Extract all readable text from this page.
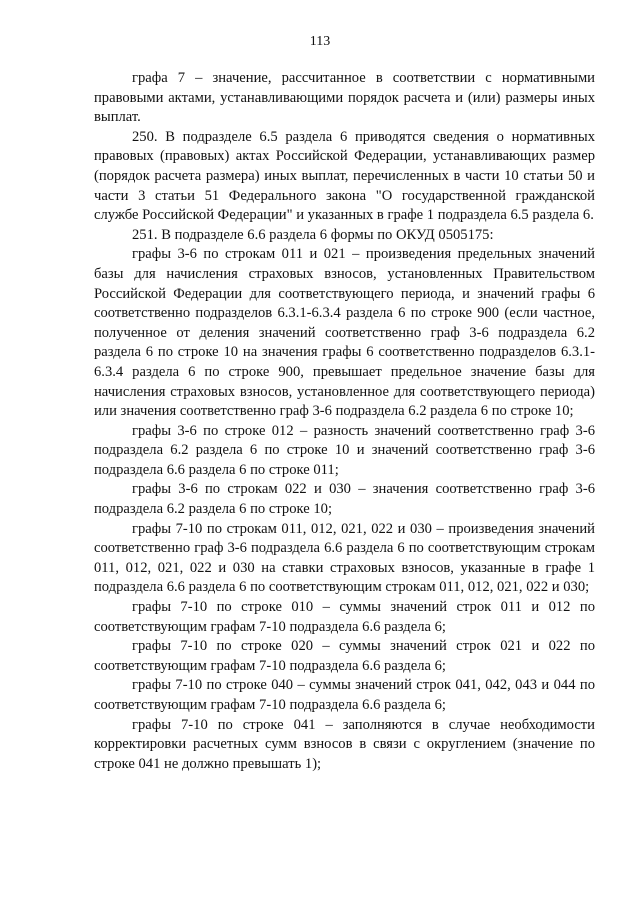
113

графа 7 – значение, рассчитанное в соответствии с нормативными правовыми актами, устанавливающими порядок расчета и (или) размеры иных выплат.

250. В подразделе 6.5 раздела 6 приводятся сведения о нормативных правовых (правовых) актах Российской Федерации, устанавливающих размер (порядок расчета размера) иных выплат, перечисленных в части 10 статьи 50 и части 3 статьи 51 Федерального закона "О государственной гражданской службе Российской Федерации" и указанных в графе 1 подраздела 6.5 раздела 6.

251. В подразделе 6.6 раздела 6 формы по ОКУД 0505175:

графы 3-6 по строкам 011 и 021 – произведения предельных значений базы для начисления страховых взносов, установленных Правительством Российской Федерации для соответствующего периода, и значений графы 6 соответственно подразделов 6.3.1-6.3.4 раздела 6 по строке 900 (если частное, полученное от деления значений соответственно граф 3-6 подраздела 6.2 раздела 6 по строке 10 на значения графы 6 соответственно подразделов 6.3.1-6.3.4 раздела 6 по строке 900, превышает предельное значение базы для начисления страховых взносов, установленное для соответствующего периода) или значения соответственно граф 3-6 подраздела 6.2 раздела 6 по строке 10;

графы 3-6 по строке 012 – разность значений соответственно граф 3-6 подраздела 6.2 раздела 6 по строке 10 и значений соответственно граф 3-6 подраздела 6.6 раздела 6 по строке 011;

графы 3-6 по строкам 022 и 030 – значения соответственно граф 3-6 подраздела 6.2 раздела 6 по строке 10;

графы 7-10 по строкам 011, 012, 021, 022 и 030 – произведения значений соответственно граф 3-6 подраздела 6.6 раздела 6 по соответствующим строкам 011, 012, 021, 022 и 030 на ставки страховых взносов, указанные в графе 1 подраздела 6.6 раздела 6 по соответствующим строкам 011, 012, 021, 022 и 030;

графы 7-10 по строке 010 – суммы значений строк 011 и 012 по соответствующим графам 7-10 подраздела 6.6 раздела 6;

графы 7-10 по строке 020 – суммы значений строк 021 и 022 по соответствующим графам 7-10 подраздела 6.6 раздела 6;

графы 7-10 по строке 040 – суммы значений строк 041, 042, 043 и 044 по соответствующим графам 7-10 подраздела 6.6 раздела 6;

графы 7-10 по строке 041 – заполняются в случае необходимости корректировки расчетных сумм взносов в связи с округлением (значение по строке 041 не должно превышать 1);
